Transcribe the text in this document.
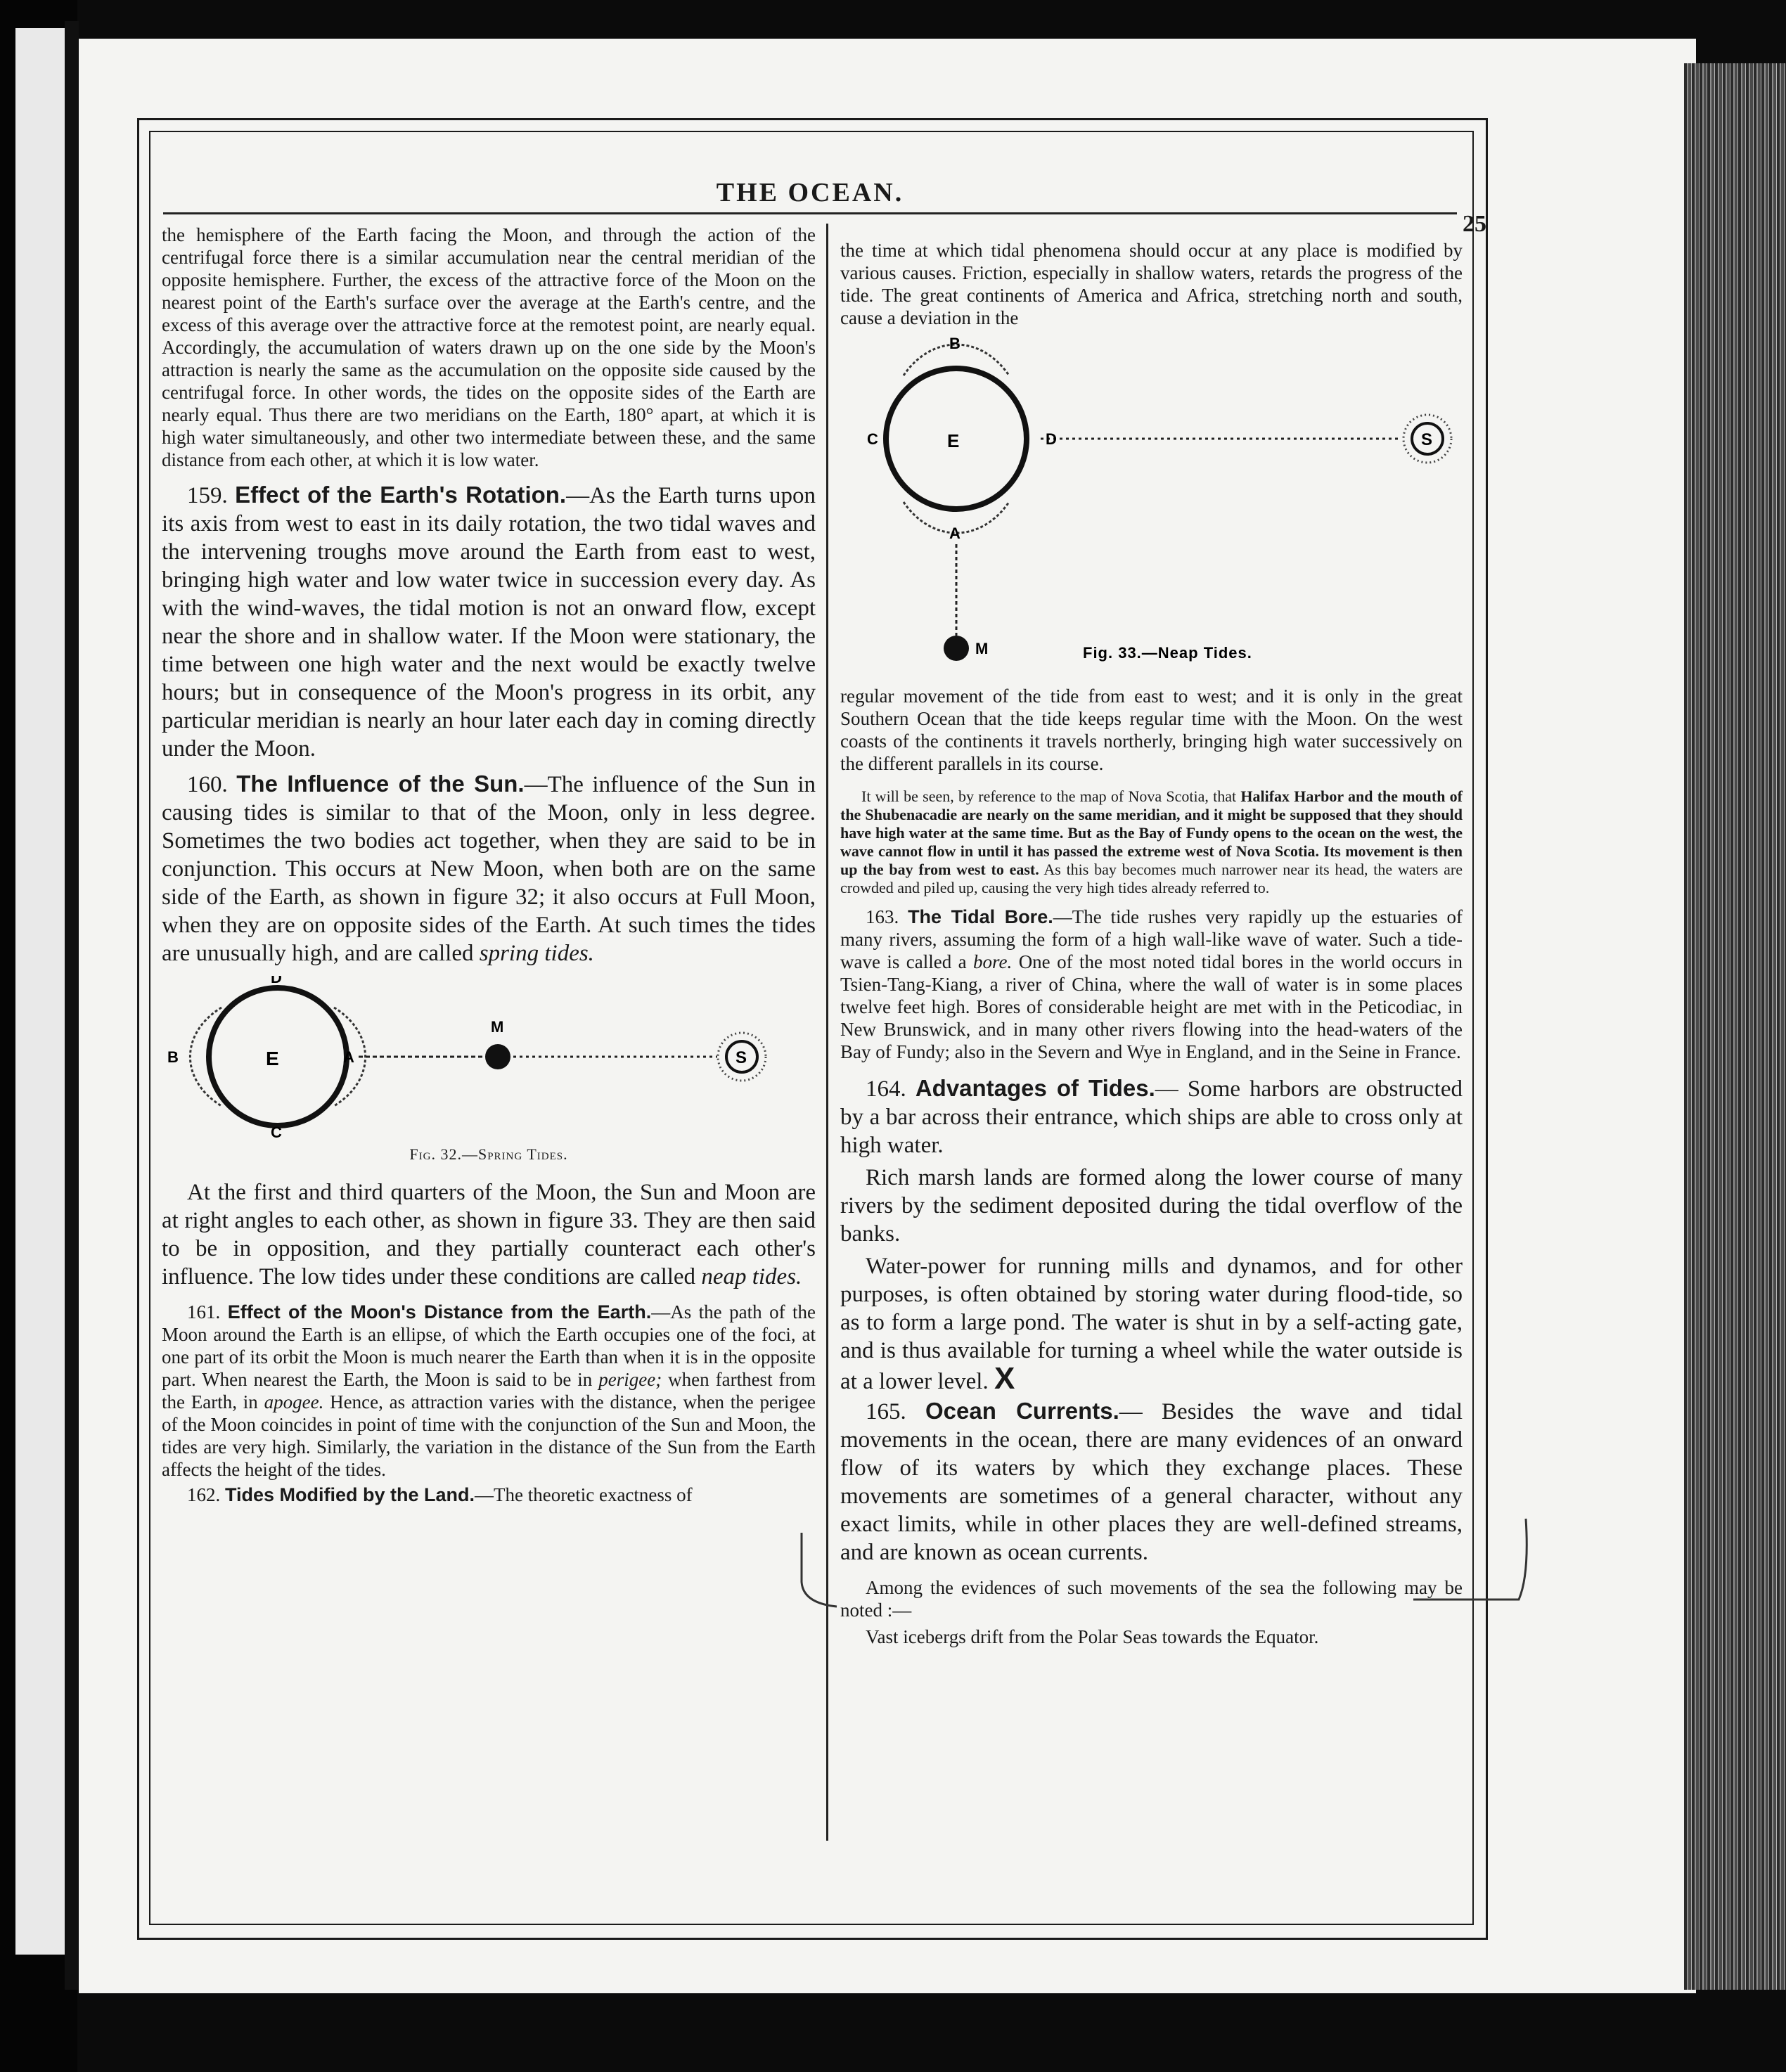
THE OCEAN.
25

the hemisphere of the Earth facing the Moon, and through the action of the centrifugal force there is a similar accumulation near the central meridian of the opposite hemisphere. Further, the excess of the attractive force of the Moon on the nearest point of the Earth's surface over the average at the Earth's centre, and the excess of this average over the attractive force at the remotest point, are nearly equal. Accordingly, the accumulation of waters drawn up on the one side by the Moon's attraction is nearly the same as the accumulation on the opposite side caused by the centrifugal force. In other words, the tides on the opposite sides of the Earth are nearly equal. Thus there are two meridians on the Earth, 180° apart, at which it is high water simultaneously, and other two intermediate between these, and the same distance from each other, at which it is low water.

159. Effect of the Earth's Rotation.—As the Earth turns upon its axis from west to east in its daily rotation, the two tidal waves and the intervening troughs move around the Earth from east to west, bringing high water and low water twice in succession every day. As with the wind-waves, the tidal motion is not an onward flow, except near the shore and in shallow water. If the Moon were stationary, the time between one high water and the next would be exactly twelve hours; but in consequence of the Moon's progress in its orbit, any particular meridian is nearly an hour later each day in coming directly under the Moon.

160. The Influence of the Sun.—The influence of the Sun in causing tides is similar to that of the Moon, only in less degree. Sometimes the two bodies act together, when they are said to be in conjunction. This occurs at New Moon, when both are on the same side of the Earth, as shown in figure 32; it also occurs at Full Moon, when they are on opposite sides of the Earth. At such times the tides are unusually high, and are called spring tides.

D
B	E	A
C
M
S

Fig. 32.—Spring Tides.

At the first and third quarters of the Moon, the Sun and Moon are at right angles to each other, as shown in figure 33. They are then said to be in opposition, and they partially counteract each other's influence. The low tides under these conditions are called neap tides.

161. Effect of the Moon's Distance from the Earth.—As the path of the Moon around the Earth is an ellipse, of which the Earth occupies one of the foci, at one part of its orbit the Moon is much nearer the Earth than when it is in the opposite part. When nearest the Earth, the Moon is said to be in perigee; when farthest from the Earth, in apogee. Hence, as attraction varies with the distance, when the perigee of the Moon coincides in point of time with the conjunction of the Sun and Moon, the tides are very high. Similarly, the variation in the distance of the Sun from the Earth affects the height of the tides.

162. Tides Modified by the Land.—The theoretic exactness of

the time at which tidal phenomena should occur at any place is modified by various causes. Friction, especially in shallow waters, retards the progress of the tide. The great continents of America and Africa, stretching north and south, cause a deviation in the

B
C	E	D
A
M
S
Fig. 33.—Neap Tides.

regular movement of the tide from east to west; and it is only in the great Southern Ocean that the tide keeps regular time with the Moon. On the west coasts of the continents it travels northerly, bringing high water successively on the different parallels in its course.

It will be seen, by reference to the map of Nova Scotia, that Halifax Harbor and the mouth of the Shubenacadie are nearly on the same meridian, and it might be supposed that they should have high water at the same time. But as the Bay of Fundy opens to the ocean on the west, the wave cannot flow in until it has passed the extreme west of Nova Scotia. Its movement is then up the bay from west to east. As this bay becomes much narrower near its head, the waters are crowded and piled up, causing the very high tides already referred to.

163. The Tidal Bore.—The tide rushes very rapidly up the estuaries of many rivers, assuming the form of a high wall-like wave of water. Such a tide-wave is called a bore. One of the most noted tidal bores in the world occurs in Tsien-Tang-Kiang, a river of China, where the wall of water is in some places twelve feet high. Bores of considerable height are met with in the Peticodiac, in New Brunswick, and in many other rivers flowing into the head-waters of the Bay of Fundy; also in the Severn and Wye in England, and in the Seine in France.

164. Advantages of Tides.— Some harbors are obstructed by a bar across their entrance, which ships are able to cross only at high water.

Rich marsh lands are formed along the lower course of many rivers by the sediment deposited during the tidal overflow of the banks.

Water-power for running mills and dynamos, and for other purposes, is often obtained by storing water during flood-tide, so as to form a large pond. The water is shut in by a self-acting gate, and is thus available for turning a wheel while the water outside is at a lower level. X

165. Ocean Currents.— Besides the wave and tidal movements in the ocean, there are many evidences of an onward flow of its waters by which they exchange places. These movements are sometimes of a general character, without any exact limits, while in other places they are well-defined streams, and are known as ocean currents.

Among the evidences of such movements of the sea the following may be noted :—

Vast icebergs drift from the Polar Seas towards the Equator.
